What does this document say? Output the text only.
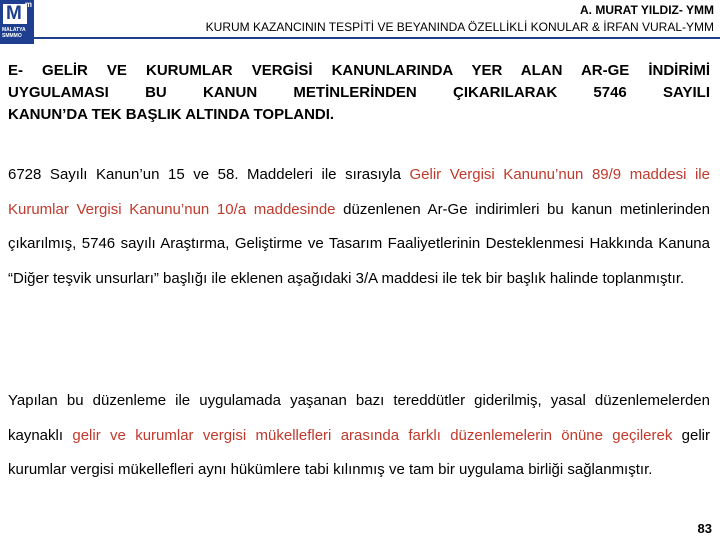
M
m
MALATYA SMMMO
A. MURAT YILDIZ- YMM
KURUM KAZANCININ TESPİTİ VE BEYANINDA ÖZELLİKLİ KONULAR & İRFAN VURAL-YMM
E- GELİR VE KURUMLAR VERGİSİ KANUNLARINDA YER ALAN AR-GE İNDİRİMİ
UYGULAMASI BU KANUN METİNLERİNDEN ÇIKARILARAK 5746 SAYILI
KANUN’DA TEK BAŞLIK ALTINDA TOPLANDI.
6728 Sayılı Kanun’un 15 ve 58. Maddeleri ile sırasıyla Gelir Vergisi Kanunu’nun 89/9 maddesi ile Kurumlar Vergisi Kanunu’nun 10/a maddesinde düzenlenen Ar-Ge indirimleri bu kanun metinlerinden çıkarılmış, 5746 sayılı Araştırma, Geliştirme ve Tasarım Faaliyetlerinin Desteklenmesi Hakkında Kanuna “Diğer teşvik unsurları” başlığı ile eklenen aşağıdaki 3/A maddesi ile tek bir başlık halinde toplanmıştır.
Yapılan bu düzenleme ile uygulamada yaşanan bazı tereddütler giderilmiş, yasal düzenlemelerden kaynaklı gelir ve kurumlar vergisi mükellefleri arasında farklı düzenlemelerin önüne geçilerek gelir kurumlar vergisi mükellefleri aynı hükümlere tabi kılınmış ve tam bir uygulama birliği sağlanmıştır.
83
